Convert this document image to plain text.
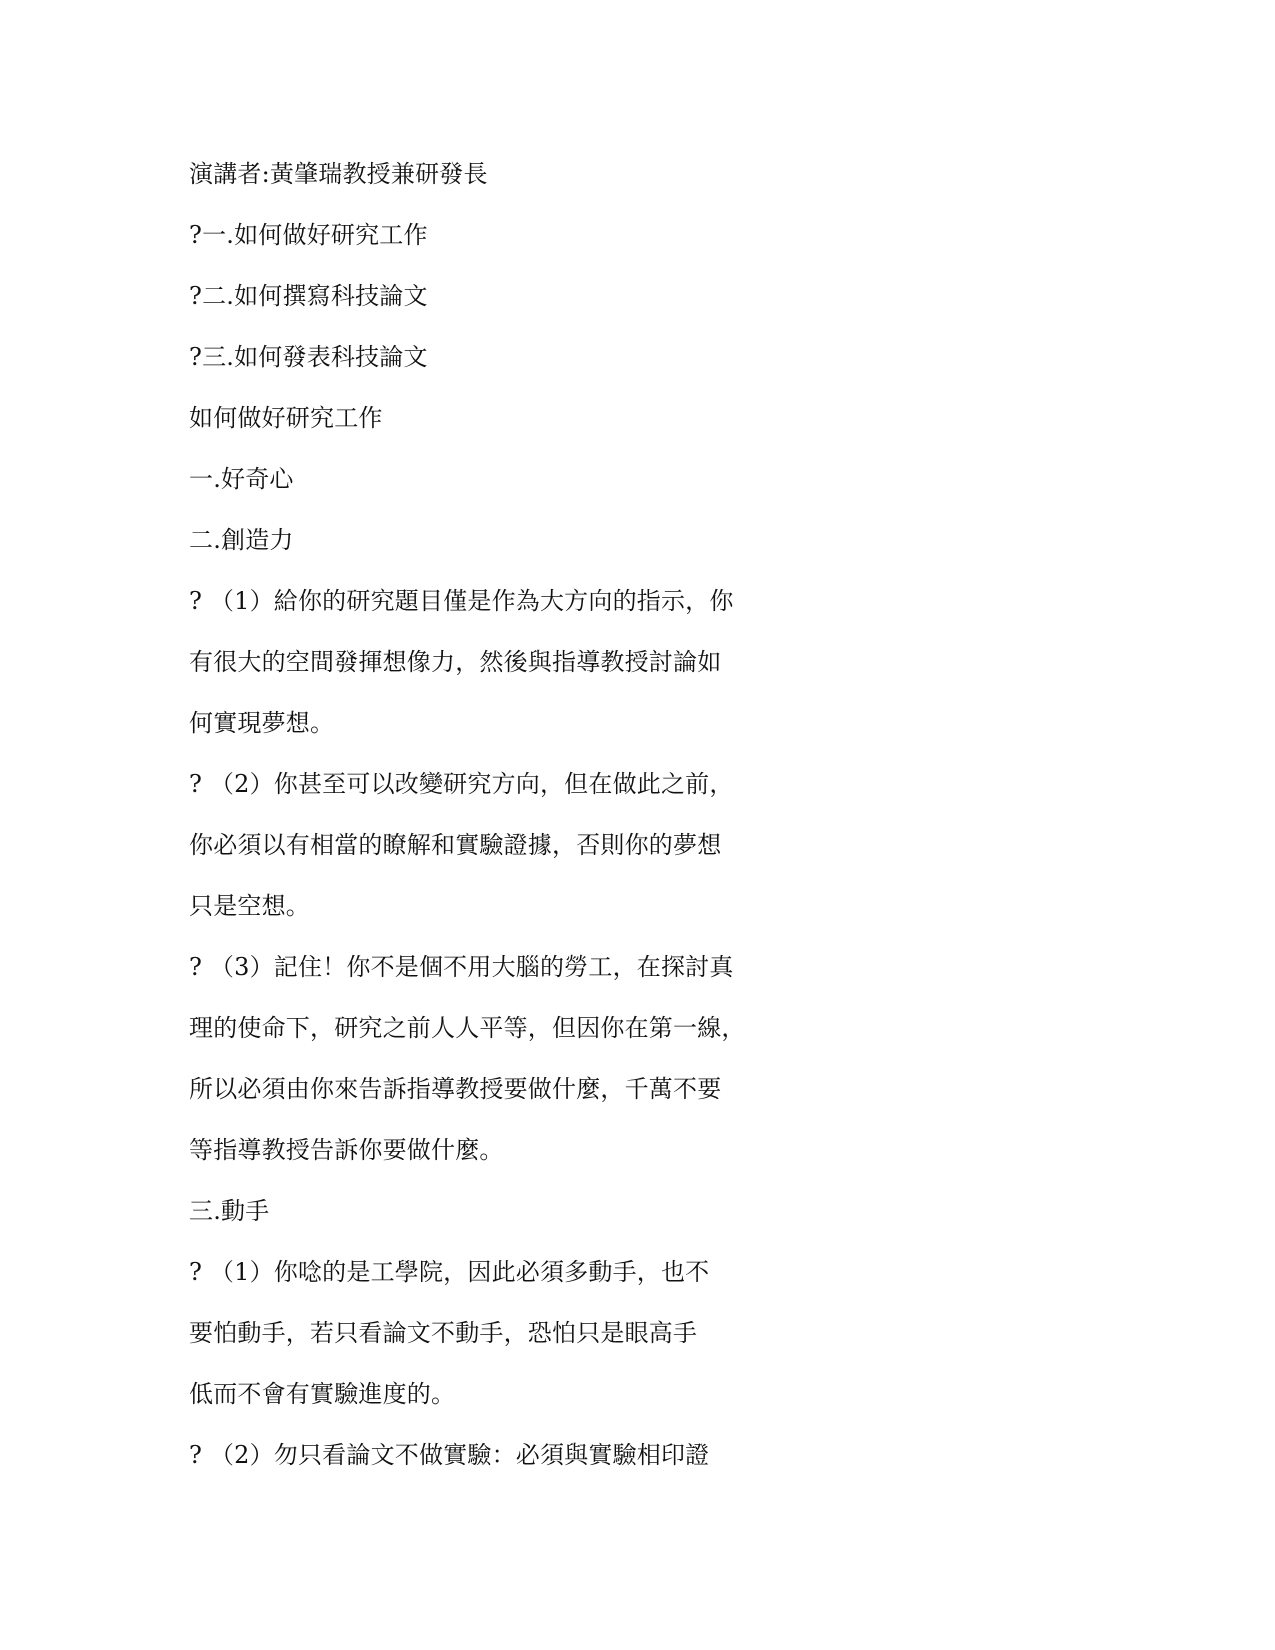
演講者:黃肇瑞教授兼研發長
?一.如何做好研究工作
?二.如何撰寫科技論文
?三.如何發表科技論文
如何做好研究工作
一.好奇心
二.創造力
? （1）給你的研究題目僅是作為大方向的指示，你
有很大的空間發揮想像力，然後與指導教授討論如
何實現夢想。
? （2）你甚至可以改變研究方向，但在做此之前，
你必須以有相當的瞭解和實驗證據，否則你的夢想
只是空想。
? （3）記住！你不是個不用大腦的勞工，在探討真
理的使命下，研究之前人人平等，但因你在第一線，
所以必須由你來告訴指導教授要做什麼，千萬不要
等指導教授告訴你要做什麼。
三.動手
? （1）你唸的是工學院，因此必須多動手，也不
要怕動手，若只看論文不動手，恐怕只是眼高手
低而不會有實驗進度的。
? （2）勿只看論文不做實驗：必須與實驗相印證
